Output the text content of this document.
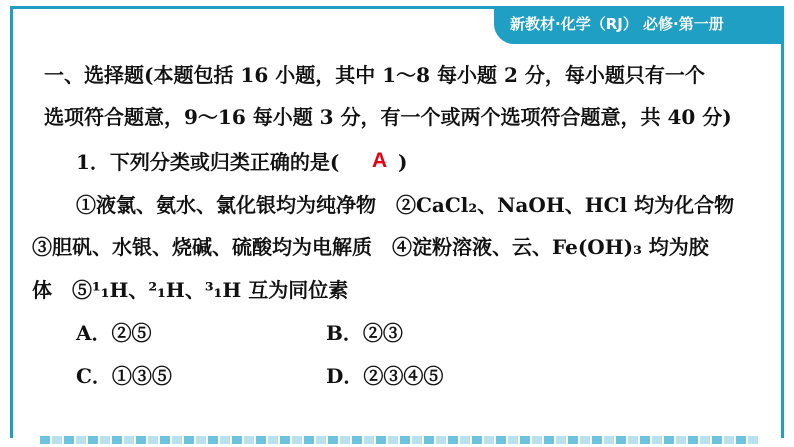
新教材·化学（RJ） 必修·第一册
一、选择题(本题包括 16 小题，其中 1～8 每小题 2 分，每小题只有一个
选项符合题意，9～16 每小题 3 分，有一个或两个选项符合题意，共 40 分)
1．下列分类或归类正确的是( A )
①液氯、氨水、氯化银均为纯净物　②CaCl₂、NaOH、HCl 均为化合物
③胆矾、水银、烧碱、硫酸均为电解质　④淀粉溶液、云、Fe(OH)₃ 均为胶
体　⑤¹₁H、²₁H、³₁H 互为同位素
A．②⑤	B．②③
C．①③⑤	D．②③④⑤
